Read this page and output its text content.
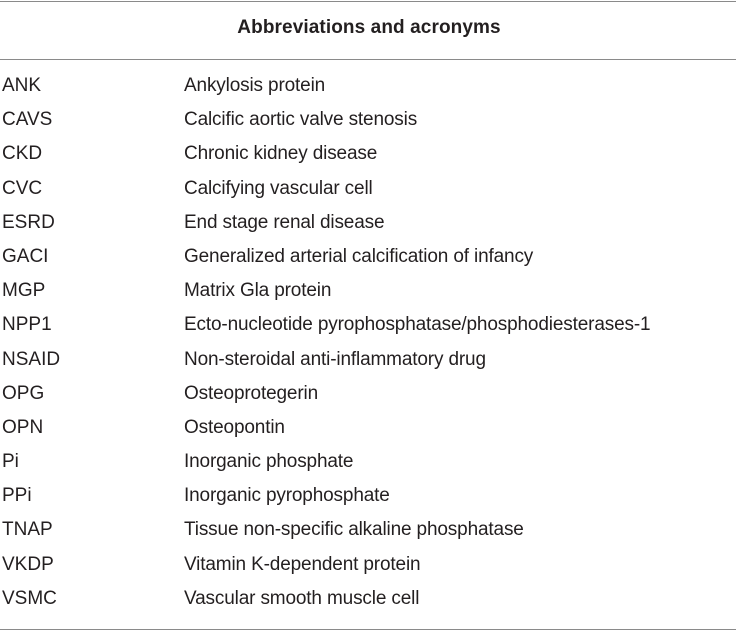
Abbreviations and acronyms
ANK	Ankylosis protein
CAVS	Calcific aortic valve stenosis
CKD	Chronic kidney disease
CVC	Calcifying vascular cell
ESRD	End stage renal disease
GACI	Generalized arterial calcification of infancy
MGP	Matrix Gla protein
NPP1	Ecto-nucleotide pyrophosphatase/phosphodiesterases-1
NSAID	Non-steroidal anti-inflammatory drug
OPG	Osteoprotegerin
OPN	Osteopontin
Pi	Inorganic phosphate
PPi	Inorganic pyrophosphate
TNAP	Tissue non-specific alkaline phosphatase
VKDP	Vitamin K-dependent protein
VSMC	Vascular smooth muscle cell
